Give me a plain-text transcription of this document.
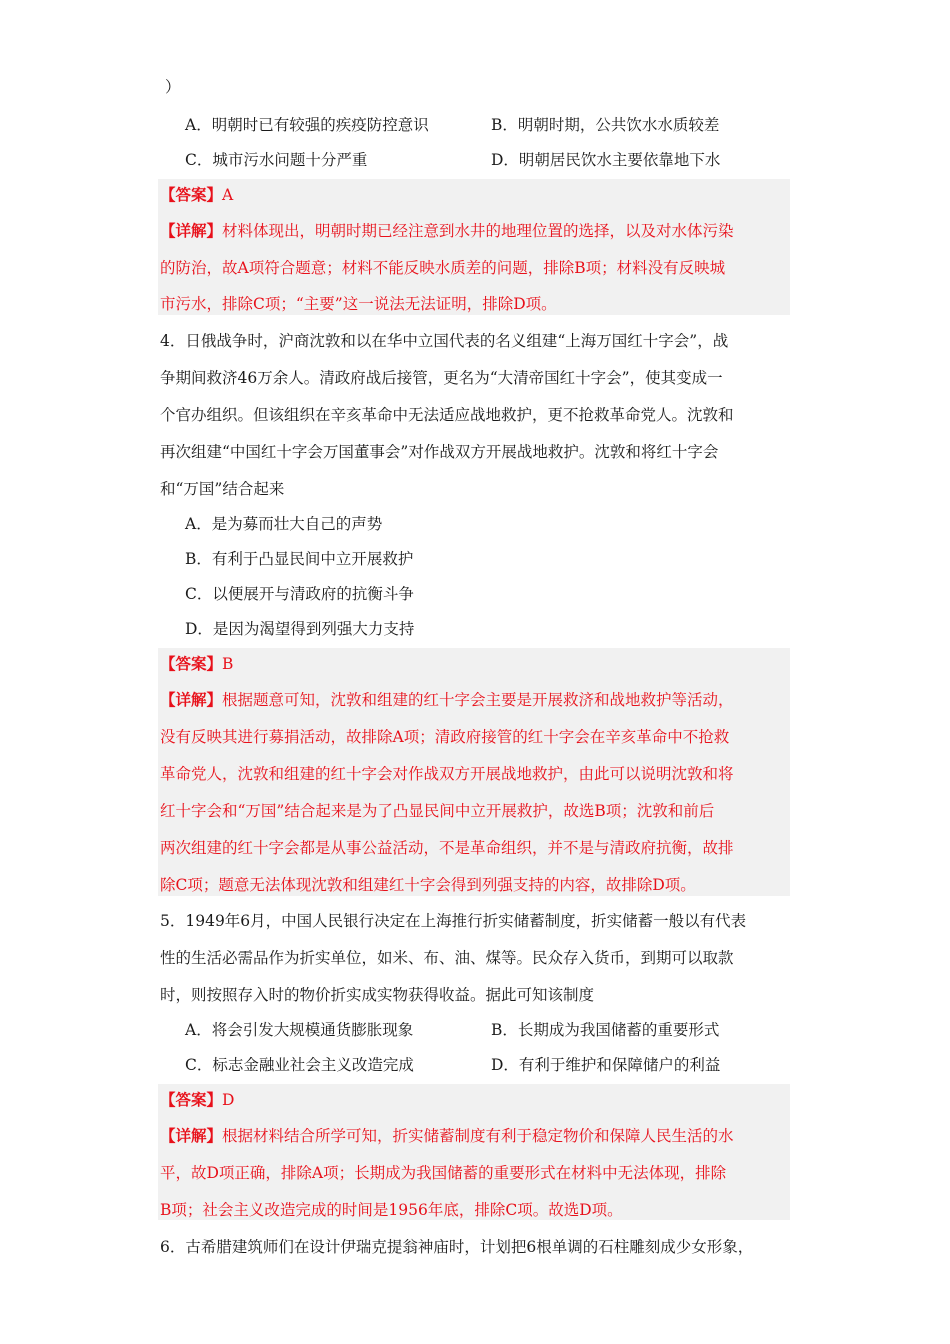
）
A．明朝时已有较强的疾疫防控意识	B．明朝时期，公共饮水水质较差
C．城市污水问题十分严重	D．明朝居民饮水主要依靠地下水
【答案】A
【详解】材料体现出，明朝时期已经注意到水井的地理位置的选择，以及对水体污染
的防治，故A项符合题意；材料不能反映水质差的问题，排除B项；材料没有反映城
市污水，排除C项；“主要”这一说法无法证明，排除D项。
4．日俄战争时，沪商沈敦和以在华中立国代表的名义组建“上海万国红十字会”，战
争期间救济46万余人。清政府战后接管，更名为“大清帝国红十字会”，使其变成一
个官办组织。但该组织在辛亥革命中无法适应战地救护，更不抢救革命党人。沈敦和
再次组建“中国红十字会万国董事会”对作战双方开展战地救护。沈敦和将红十字会
和“万国”结合起来
A．是为募而壮大自己的声势
B．有利于凸显民间中立开展救护
C．以便展开与清政府的抗衡斗争
D．是因为渴望得到列强大力支持
【答案】B
【详解】根据题意可知，沈敦和组建的红十字会主要是开展救济和战地救护等活动，
没有反映其进行募捐活动，故排除A项；清政府接管的红十字会在辛亥革命中不抢救
革命党人，沈敦和组建的红十字会对作战双方开展战地救护，由此可以说明沈敦和将
红十字会和“万国”结合起来是为了凸显民间中立开展救护，故选B项；沈敦和前后
两次组建的红十字会都是从事公益活动，不是革命组织，并不是与清政府抗衡，故排
除C项；题意无法体现沈敦和组建红十字会得到列强支持的内容，故排除D项。
5．1949年6月，中国人民银行决定在上海推行折实储蓄制度，折实储蓄一般以有代表
性的生活必需品作为折实单位，如米、布、油、煤等。民众存入货币，到期可以取款
时，则按照存入时的物价折实成实物获得收益。据此可知该制度
A．将会引发大规模通货膨胀现象	B．长期成为我国储蓄的重要形式
C．标志金融业社会主义改造完成	D．有利于维护和保障储户的利益
【答案】D
【详解】根据材料结合所学可知，折实储蓄制度有利于稳定物价和保障人民生活的水
平，故D项正确，排除A项；长期成为我国储蓄的重要形式在材料中无法体现，排除
B项；社会主义改造完成的时间是1956年底，排除C项。故选D项。
6．古希腊建筑师们在设计伊瑞克提翁神庙时，计划把6根单调的石柱雕刻成少女形象，
